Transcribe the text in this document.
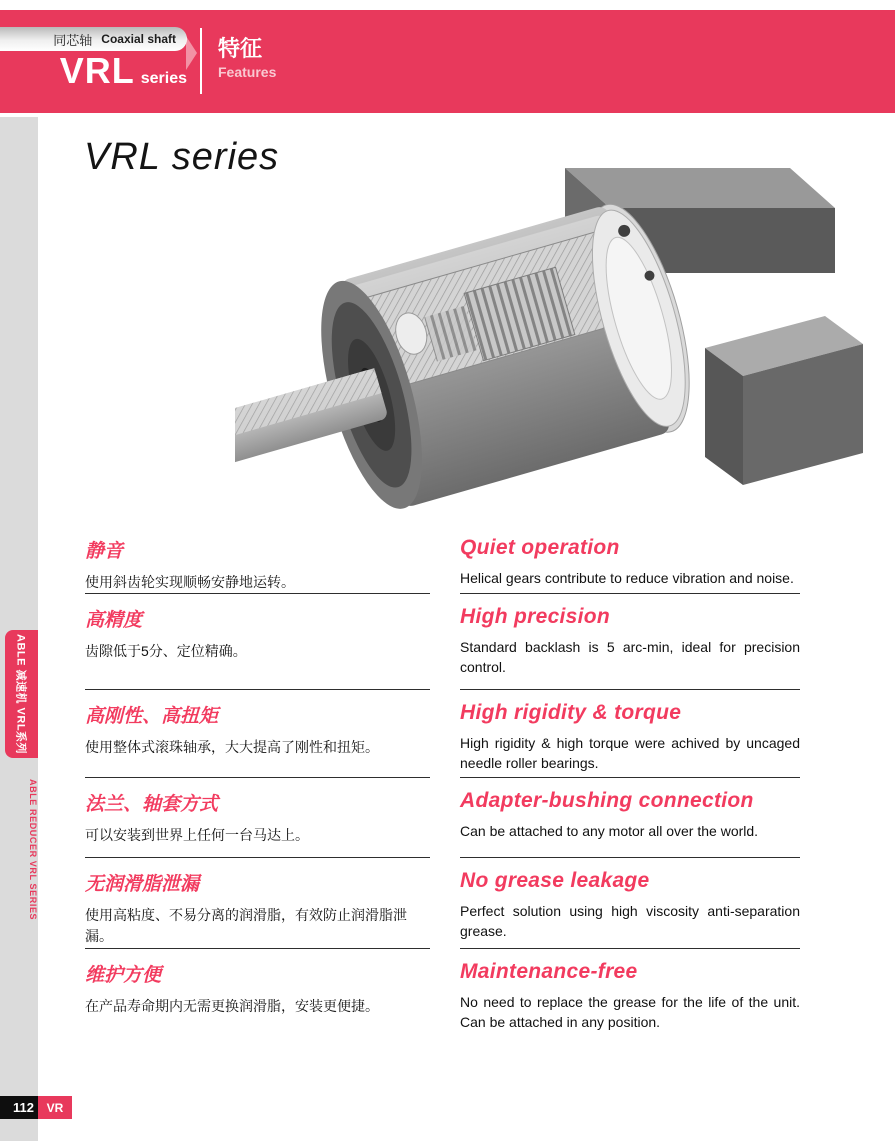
同芯轴 Coaxial shaft
VRL series
特征
Features
ABLE 减速机 VRL系列
ABLE REDUCER VRL SERIES
112	VR
VRL series
静音
使用斜齿轮实现顺畅安静地运转。
高精度
齿隙低于5分、定位精确。
高刚性、高扭矩
使用整体式滚珠轴承，大大提高了刚性和扭矩。
法兰、轴套方式
可以安装到世界上任何一台马达上。
无润滑脂泄漏
使用高粘度、不易分离的润滑脂，有效防止润滑脂泄漏。
维护方便
在产品寿命期内无需更换润滑脂，安装更便捷。
Quiet operation
Helical gears contribute to reduce vibration and noise.
High precision
Standard backlash is 5 arc-min, ideal for precision control.
High rigidity & torque
High rigidity & high torque were achived by uncaged needle roller bearings.
Adapter-bushing connection
Can be attached to any motor all over the world.
No grease leakage
Perfect solution using high viscosity anti-separation grease.
Maintenance-free
No need to replace the grease for the life of the unit. Can be attached in any position.
